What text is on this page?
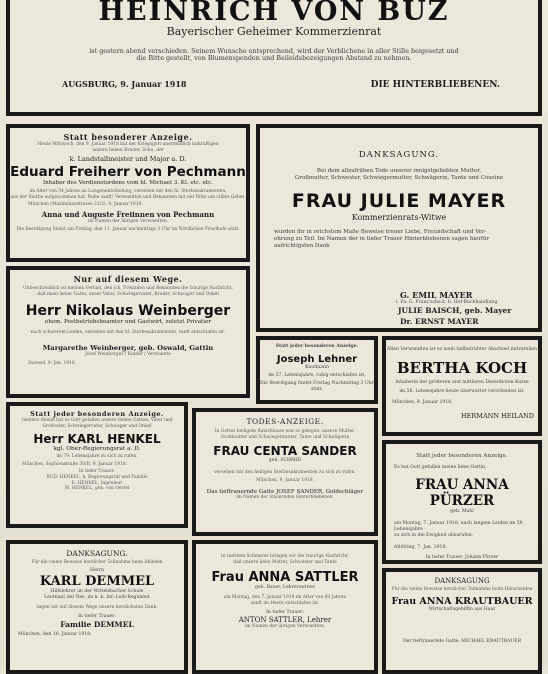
HEINRICH VON BUZ
Bayerischer Geheimer Kommerzienrat
ist gestern abend verschieden. Seinem Wunsche entsprechend, wird der Verblichene in aller Stille beigesetzt und
die Bitte gestellt, von Blumenspenden und Beileidsbezeigungen Abstand zu nehmen.
AUGSBURG, 9. Januar 1918	DIE HINTERBLIEBENEN.
Statt besonderer Anzeige.
Heute Mittwoch, den 9. Januar 1918 hat der Kriegsgott unermüdlich tatkräftigen
unsern lieben Bruder, Sohn, der
k. Landstallmeister und Major a. D.
Eduard Freiherr von Pechmann
Inhaber des Verdienstordens vom hl. Michael 3. Kl. etc. etc.
im Alter von 54 Jahren an Lungenentzündung, versehen mit den hl. Sterbesakramenten,
aus der Sterbe aufgenommen hat. Ruhe sanft! Verwandten und Bekannten mit der Bitte um stilles Gebet.
München (Maximilianstrasse 21/2), 9. Januar 1918.
Anna und Auguste Freiinnen von Pechmann
im Namen der übrigen Verwandten.
Die Beerdigung findet am Freitag, den 11. Januar nachmittags 3 Uhr im Nördlichen Friedhofe statt.
DANKSAGUNG.
Bei dem allzufrühen Tode unserer innigstgeliebten Mutter,
Großmutter, Schwester, Schwiegermutter, Schwägerin, Tante und Cousine
FRAU JULIE MAYER
Kommerzienrats-Witwe
wurden ihr in reichstem Maße Beweise treuer Liebe, Freundschaft und Ver-
ehrung zu Teil. Im Namen der in tiefer Trauer Hinterbliebenen sagen hierfür
aufrichtigsten Dank
G. EMIL MAYER
i. Fa. G. Franz'sche k. b. Hof-Buchhandlung
JULIE BAISCH, geb. Mayer
Dr. ERNST MAYER
Nur auf diesem Wege.
Unbeschreiblich ist meinen Verlust, den ich, Freunden und Bekannten die traurige Nachricht,
daß mein lieber Gatte, unser Vater, Schwiegervater, Bruder, Schwager und Onkel
Herr Nikolaus Weinberger
ehem. Postbetriebsbeamter und Gastwirt, zuletzt Privatier
nach schwerem Leiden, versehen mit den hl. Sterbesakramenten, sanft entschlafen ist.
Margarethe Weinberger, geb. Oswald, Gattin
Josef Weinberger / Kinder / Verwandte
Zwiesel, 9. Jan. 1918.
Statt jeder besonderen Anzeige.
Joseph Lehner
Kaufmann
im 57. Lebensjahre, ruhig entschlafen ist.
Die Beerdigung findet Freitag Nachmittag 3 Uhr statt.
Allen Verwandten ist es mein tiefbetrübter Abschied mitzuteilen
BERTHA KOCH
Inhaberin der größeren und mittleren Dienstboten-Kurse
im 58. Lebensjahre heute unerwartet verschieden ist.
München, 9. Januar 1918.
HERMANN HEILAND
Statt jeder besonderen Anzeige.
Gestern Abend hat es Gott gefallen unsere lieben Gatten, Vater und
Großvater, Schwiegervater, Schwager und Onkel
Herr KARL HENKEL
kgl. Ober-Regierungsrat a. D.
im 79. Lebensjahre zu sich zu rufen.
München, Sophienstraße 30/II, 9. Januar 1918.
In tiefer Trauer:
RUD. HENKEL, k. Regierungsrat und Familie
E. HENKEL, Ingenieur
M. HENKEL, geb. von Oertel
TODES-ANZEIGE.
In Gottes heiligem Ratschlusse war es gelegen, unsere Mutter,
Großmutter und Schwiegermutter, Tante und Schwägerin
FRAU CENTA SANDER
geb. SCHMID
versehen mit den heiligen Sterbesakramenten zu sich zu rufen.
München, 9. Januar 1918.
Das tieftrauernde Gatte JOSEF SANDER, Goldschläger
im Namen der trauernden Hinterbliebenen.
Statt jeder besonderen Anzeige.
Es hat Gott gefallen meine liebe Gattin,
FRAU ANNA PÜRZER
geb. Mahl
am Montag, 7. Januar 1918, nach langem Leiden im 59. Lebensjahre
zu sich in die Ewigkeit abzurufen.
Altötting, 7. Jan. 1918.
In tiefer Trauer: Johann Pürzer
DANKSAGUNG.
Für die vielen Beweise herzlicher Teilnahme beim Ableben
Herrn
KARL DEMMEL
Hilfslehrer an der Wittelsbacher-Schule
Leutnant der Res. im k. b. Inf.-Leib-Regiment
sagen wir auf diesem Wege unsern herzlichsten Dank.
In tiefer Trauer:
Familie DEMMEL
München, den 10. Januar 1918.
In tiefstem Schmerze bringen wir die traurige Nachricht,
daß unsere liebe Mutter, Schwester und Tante
Frau ANNA SATTLER
geb. Bauer, Lehrerswitwe
am Montag, den 7. Januar 1918 im Alter von 80 Jahren
sanft im Herrn entschlafen ist.
In tiefer Trauer:
ANTON SATTLER, Lehrer
im Namen der übrigen Verwandten.
DANKSAGUNG
Für die vielen Beweise herzlicher Teilnahme beim Hinscheiden
Frau ANNA KRAUTBAUER
Wirtschaftsgehilfin aus Haar
Der tieftrauernde Gatte: MICHAEL KRAUTBAUER
